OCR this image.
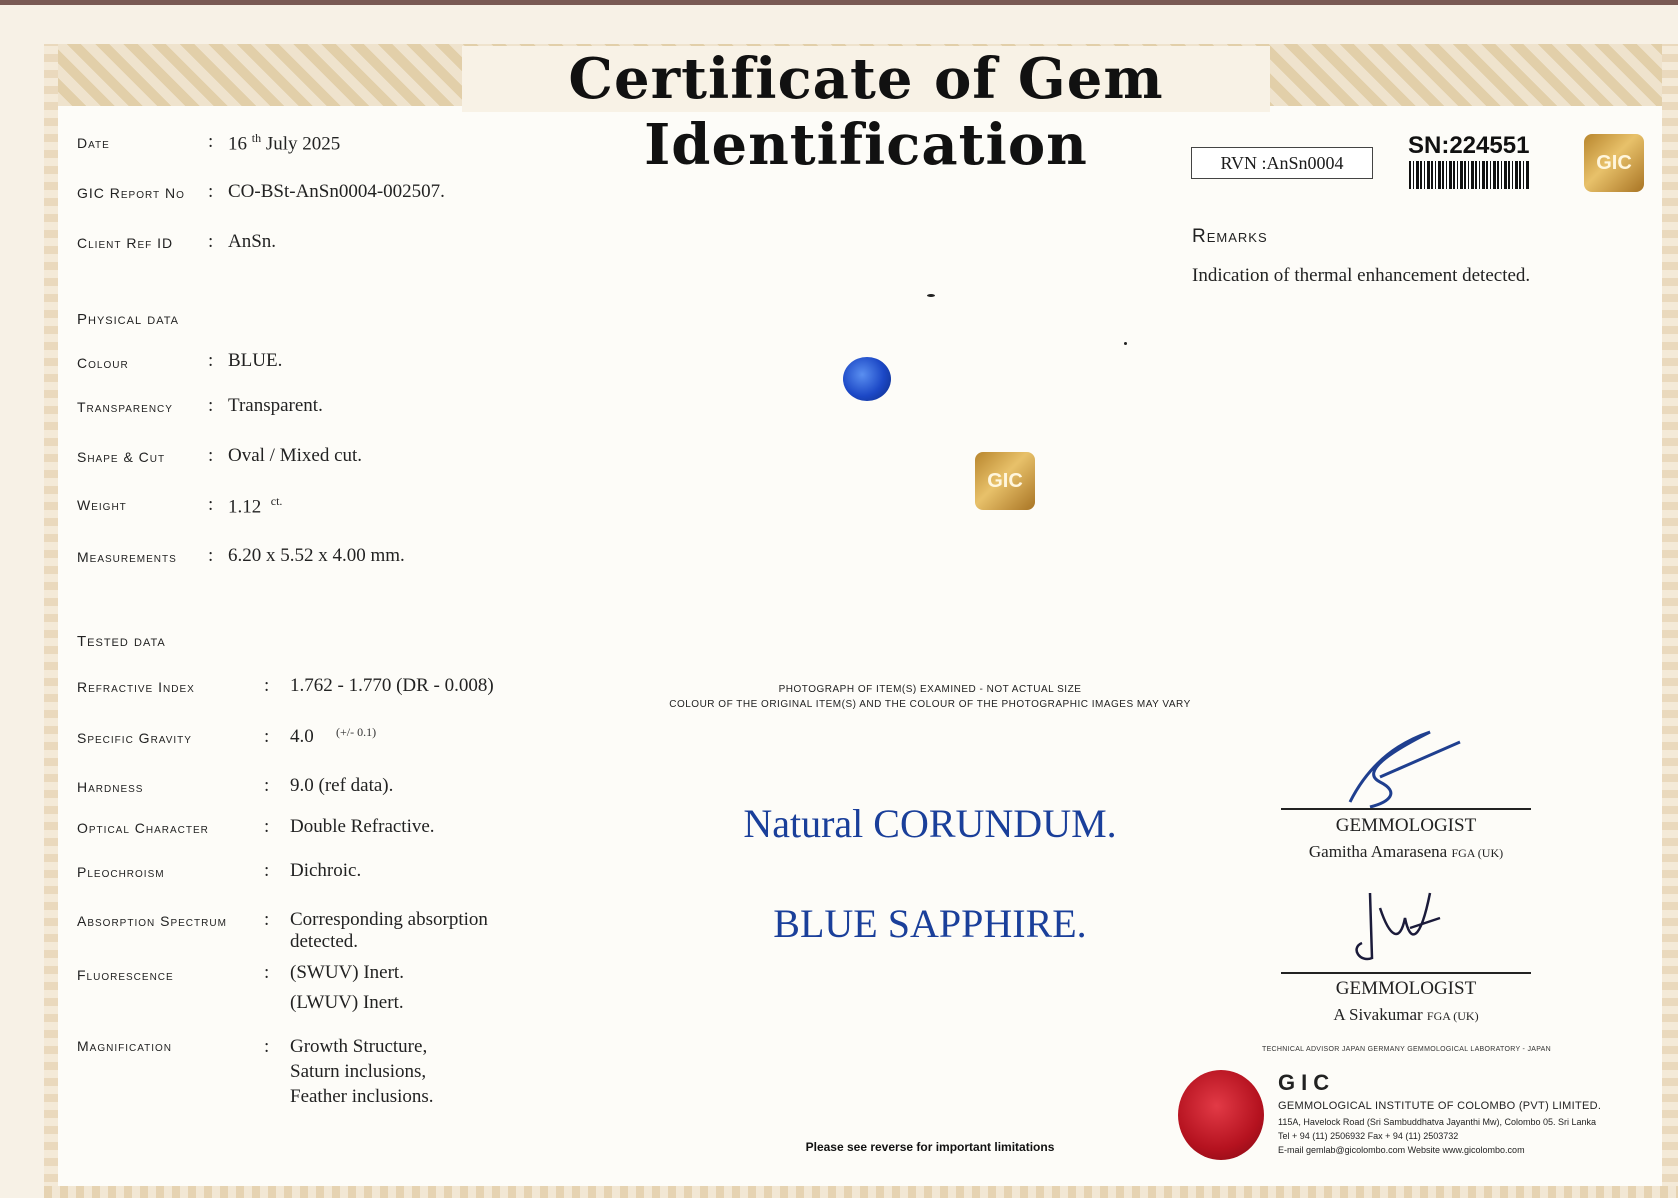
Certificate of Gem Identification
Date	: 16 $^{th}$ July 2025
GIC Report No : CO-BSt-AnSn0004-002507.
Client Ref ID : AnSn.
Physical data
Colour	: BLUE.
Transparency : Transparent.
Shape & Cut : Oval / Mixed cut.
Weight	: 1.12 $^{ct.}$
Measurements : 6.20 x 5.52 x 4.00 mm.
Tested data
Refractive Index	: 1.762 - 1.770 (DR - 0.008)
Specific Gravity	: 4.0 (+/- 0.1)
Hardness	: 9.0 (ref data).
Optical Character	: Double Refractive.
Pleochroism	: Dichroic.
Absorption Spectrum : Corresponding absorption
detected.
Fluorescence	: (SWUV) Inert.
(LWUV) Inert.
Magnification	: Growth Structure,
Saturn inclusions,
Feather inclusions.
GIC
PHOTOGRAPH OF ITEM(S) EXAMINED - NOT ACTUAL SIZE
COLOUR OF THE ORIGINAL ITEM(S) AND THE COLOUR OF THE PHOTOGRAPHIC IMAGES MAY VARY
Natural CORUNDUM.
BLUE SAPPHIRE.
Please see reverse for important limitations
RVN :AnSn0004
SN:224551
GIC
Remarks
Indication of thermal enhancement detected.
GEMMOLOGIST
Gamitha Amarasena FGA (UK)
GEMMOLOGIST
A Sivakumar FGA (UK)
TECHNICAL ADVISOR JAPAN GERMANY GEMMOLOGICAL LABORATORY - JAPAN
GIC
GEMMOLOGICAL INSTITUTE OF COLOMBO (PVT) LIMITED.
115A, Havelock Road (Sri Sambuddhatva Jayanthi Mw), Colombo 05. Sri Lanka
Tel + 94 (11) 2506932 Fax + 94 (11) 2503732
E-mail gemlab@gicolombo.com Website www.gicolombo.com
